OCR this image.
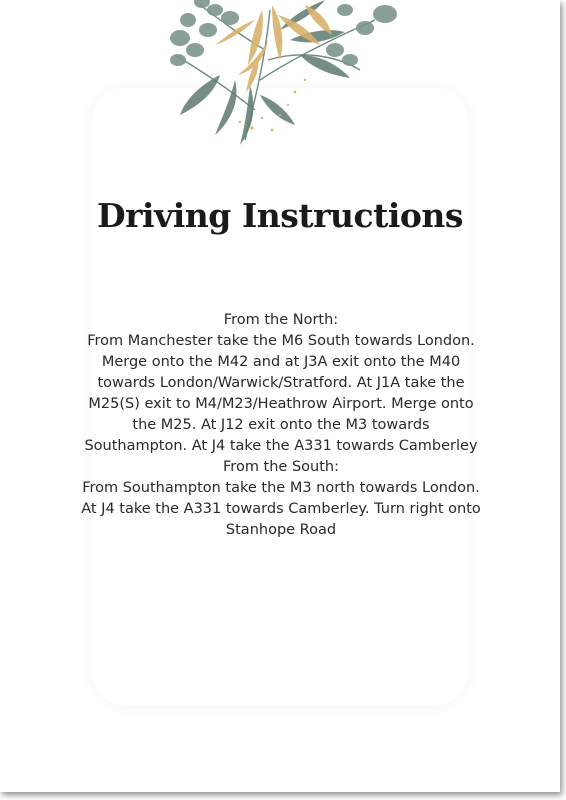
Driving Instructions
From the North:
From Manchester take the M6 South towards London. Merge onto the M42 and at J3A exit onto the M40 towards London/Warwick/Stratford. At J1A take the M25(S) exit to M4/M23/Heathrow Airport. Merge onto the M25. At J12 exit onto the M3 towards Southampton. At J4 take the A331 towards Camberley
From the South:
From Southampton take the M3 north towards London. At J4 take the A331 towards Camberley. Turn right onto Stanhope Road
